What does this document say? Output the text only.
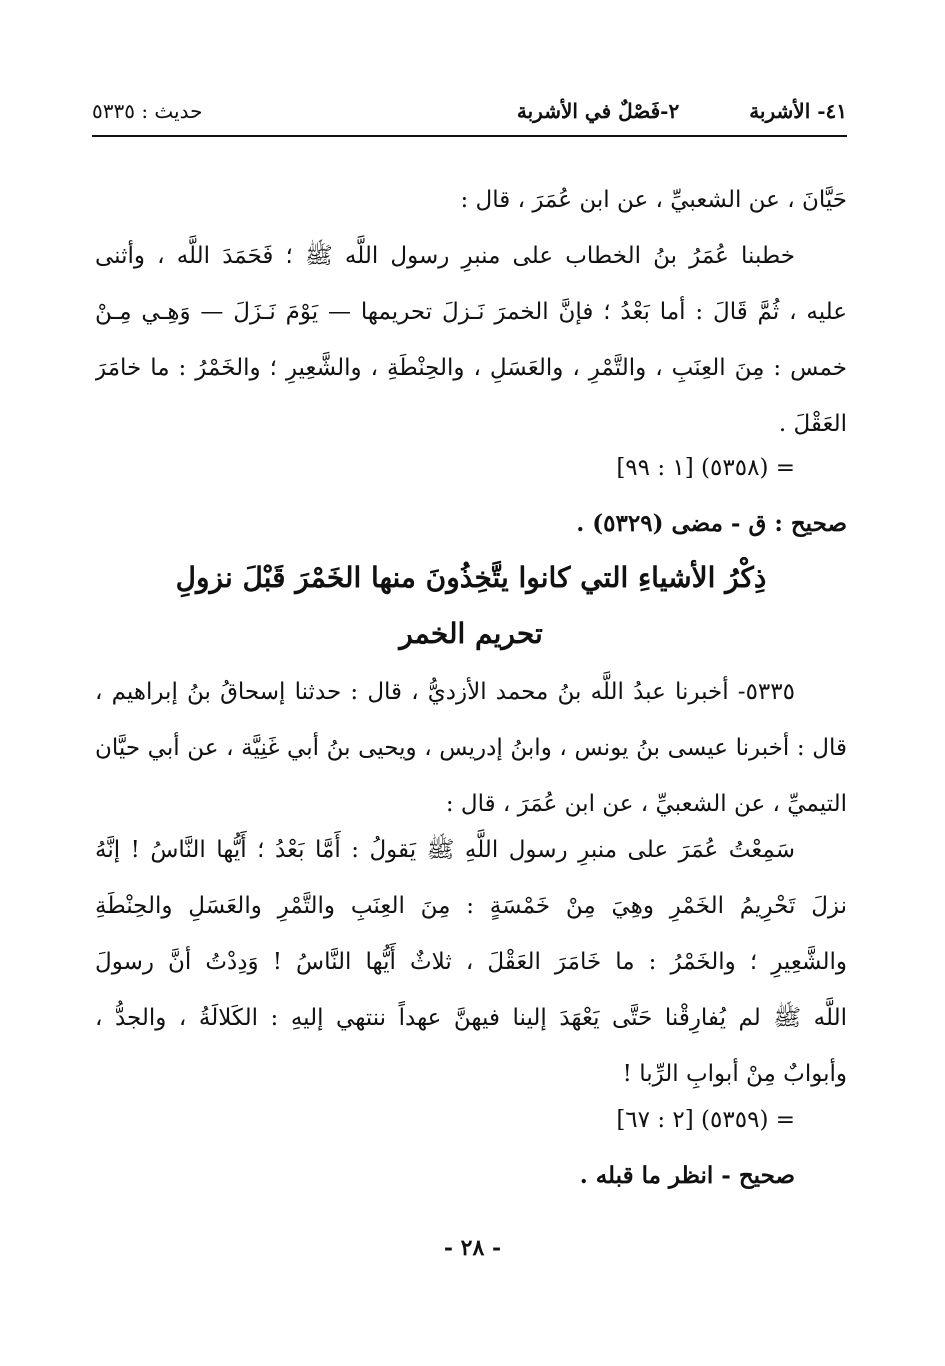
٤١- الأشربة
٢-فَصْلٌ في الأشربة
حديث : ٥٣٣٥
حَيَّانَ ، عن الشعبيِّ ، عن ابن عُمَرَ ، قال :
خطبنا عُمَرُ بنُ الخطاب على منبرِ رسول اللَّه ﷺ ؛ فَحَمَدَ اللَّه ، وأثنى
عليه ، ثُمَّ قَالَ : أما بَعْدُ ؛ فإنَّ الخمرَ نَـزلَ تحريمها — يَوْمَ نَـزَلَ — وَهِـي مِـنْ
خمس : مِنَ العِنَبِ ، والتَّمْرِ ، والعَسَلِ ، والحِنْطَةِ ، والشَّعِيرِ ؛ والخَمْرُ : ما خامَرَ
العَقْلَ .
= (٥٣٥٨) [١ : ٩٩]
صحيح : ق - مضى (٥٣٢٩) .
ذِكْرُ الأشياءِ التي كانوا يتَّخِذُونَ منها الخَمْرَ قَبْلَ نزولِ
تحريم الخمر
٥٣٣٥- أخبرنا عبدُ اللَّه بنُ محمد الأزديُّ ، قال : حدثنا إسحاقُ بنُ إبراهيم ،
قال : أخبرنا عيسى بنُ يونس ، وابنُ إدريس ، ويحيى بنُ أبي غَنِيَّة ، عن أبي حيَّان
التيميِّ ، عن الشعبيِّ ، عن ابن عُمَرَ ، قال :
سَمِعْتُ عُمَرَ على منبرِ رسول اللَّهِ ﷺ يَقولُ : أَمَّا بَعْدُ ؛ أَيُّها النَّاسُ ! إنَّهُ
نزلَ تَحْرِيمُ الخَمْرِ وهِيَ مِنْ خَمْسَةٍ : مِنَ العِنَبِ والتَّمْرِ والعَسَلِ والحِنْطَةِ
والشَّعِيرِ ؛ والخَمْرُ : ما خَامَرَ العَقْلَ ، ثلاثٌ أَيُّها النَّاسُ ! وَدِدْتُ أنَّ رسولَ
اللَّه ﷺ لم يُفارِقْنا حَتَّى يَعْهَدَ إلينا فيهنَّ عهداً ننتهي إليهِ : الكَلالَةُ ، والجدُّ ،
وأبوابٌ مِنْ أبوابِ الرِّبا !
= (٥٣٥٩) [٢ : ٦٧]
صحيح - انظر ما قبله .
- ٢٨ -
